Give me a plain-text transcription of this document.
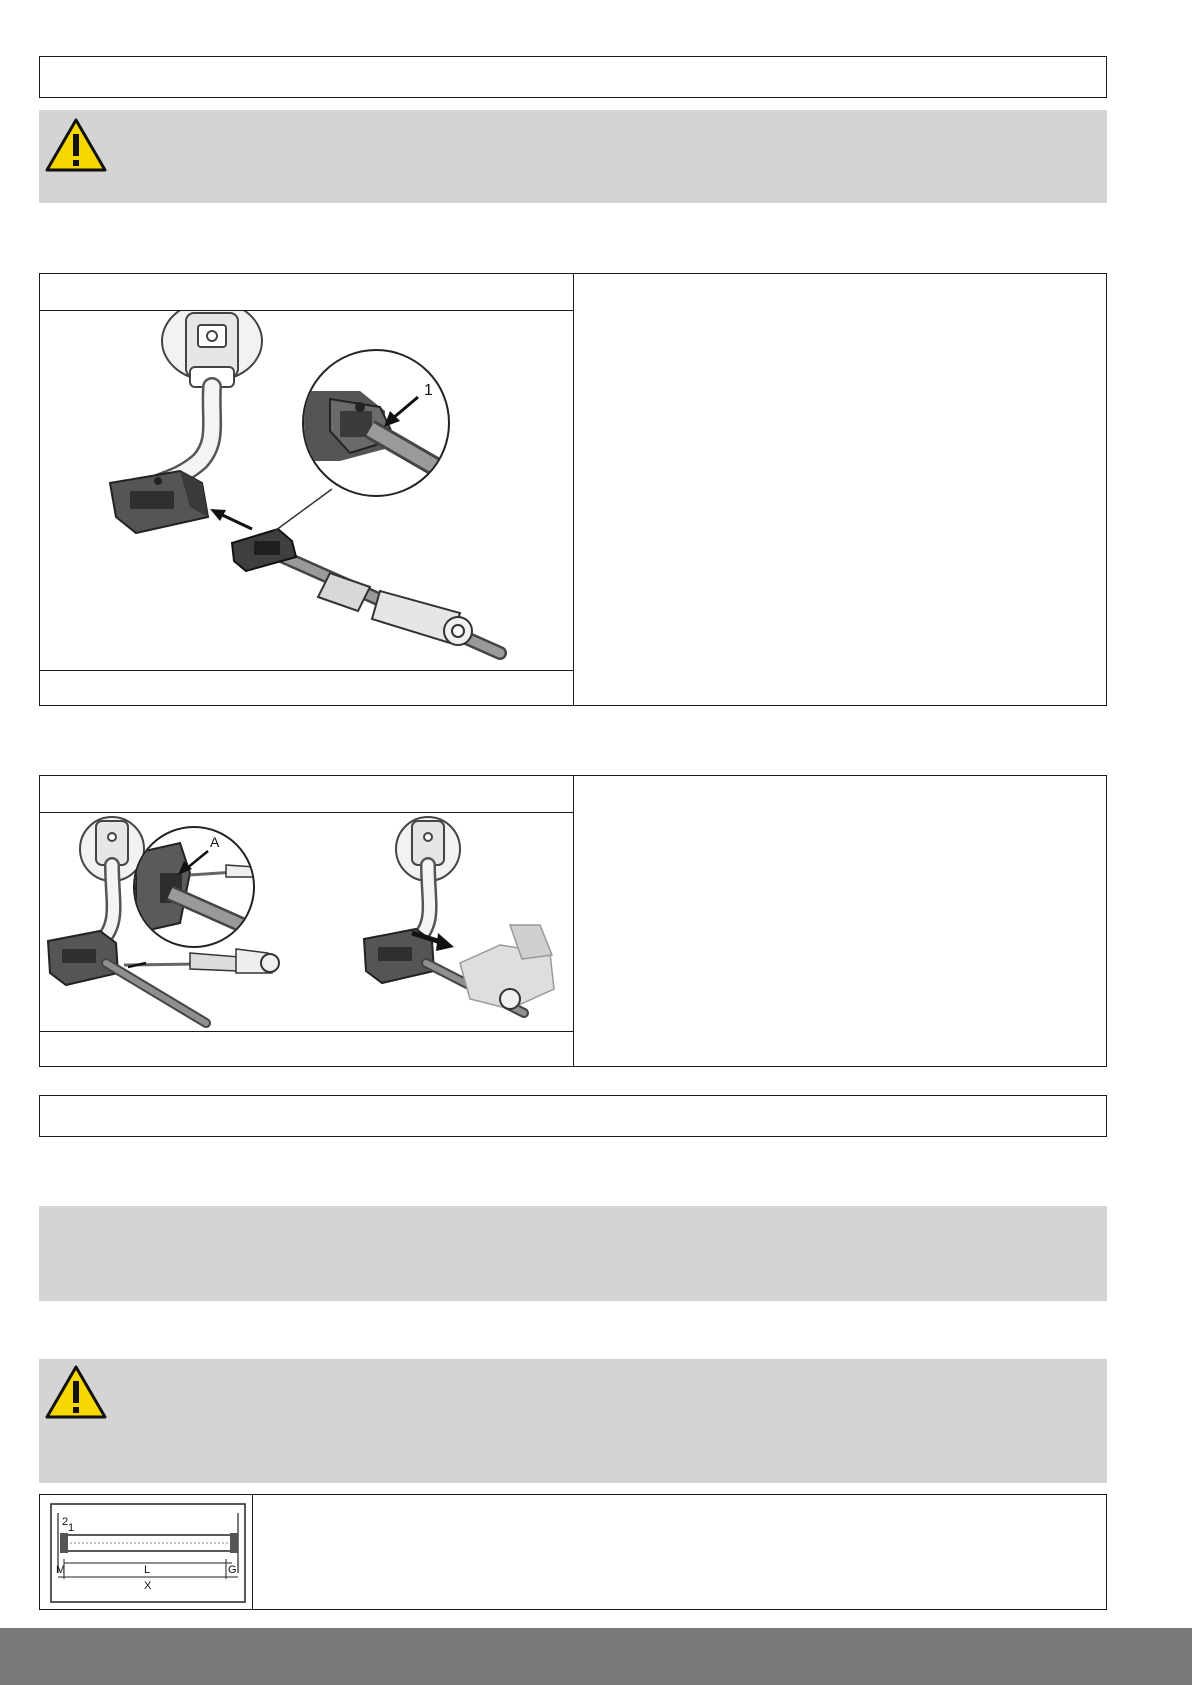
1
A
2 1
M	L	G
X
